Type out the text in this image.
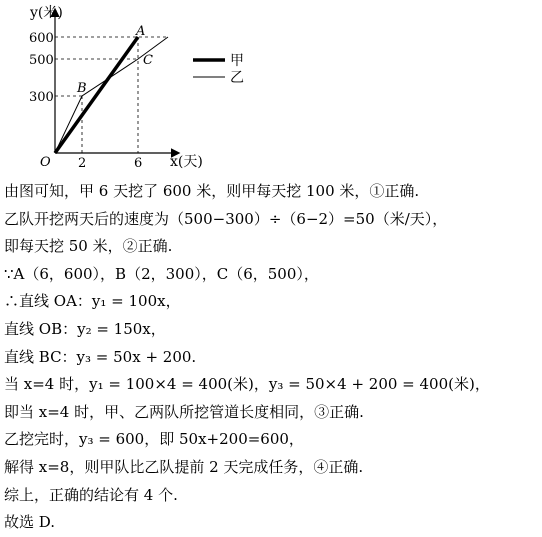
y(米)
x(天)
O
600
500
300
2	6
A
B
C	甲
乙
由图可知，甲 6 天挖了 600 米，则甲每天挖 100 米，①正确.
乙队开挖两天后的速度为（500−300）÷（6−2）=50（米/天），
即每天挖 50 米，②正确.
∵A（6，600），B（2，300），C（6，500），
∴直线 OA：y₁ = 100x，
直线 OB：y₂ = 150x，
直线 BC：y₃ = 50x + 200.
当 x=4 时，y₁ = 100×4 = 400(米)，y₃ = 50×4 + 200 = 400(米)，
即当 x=4 时，甲、乙两队所挖管道长度相同，③正确.
乙挖完时，y₃ = 600，即 50x+200=600，
解得 x=8，则甲队比乙队提前 2 天完成任务，④正确.
综上，正确的结论有 4 个.
故选 D.
